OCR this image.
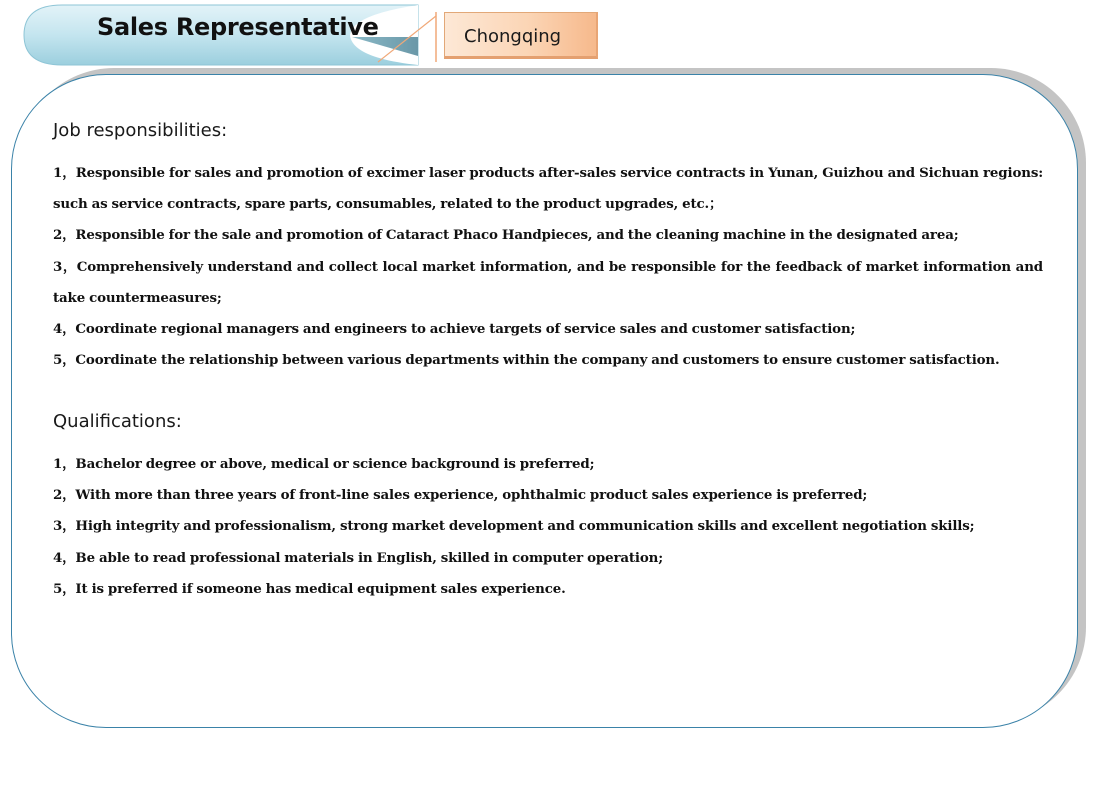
Sales Representative	Chongqing
Job responsibilities:
1，Responsible for sales and promotion of excimer laser products after-sales service contracts in Yunan, Guizhou and Sichuan regions: such as service contracts, spare parts, consumables, related to the product upgrades, etc.；
2，Responsible for the sale and promotion of Cataract Phaco Handpieces, and the cleaning machine in the designated area;
3，Comprehensively understand and collect local market information, and be responsible for the feedback of market information and take countermeasures;
4，Coordinate regional managers and engineers to achieve targets of service sales and customer satisfaction;
5，Coordinate the relationship between various departments within the company and customers to ensure customer satisfaction.
Qualifications:
1，Bachelor degree or above, medical or science background is preferred;
2，With more than three years of front-line sales experience, ophthalmic product sales experience is preferred;
3，High integrity and professionalism, strong market development and communication skills and excellent negotiation skills;
4，Be able to read professional materials in English, skilled in computer operation;
5，It is preferred if someone has medical equipment sales experience.
